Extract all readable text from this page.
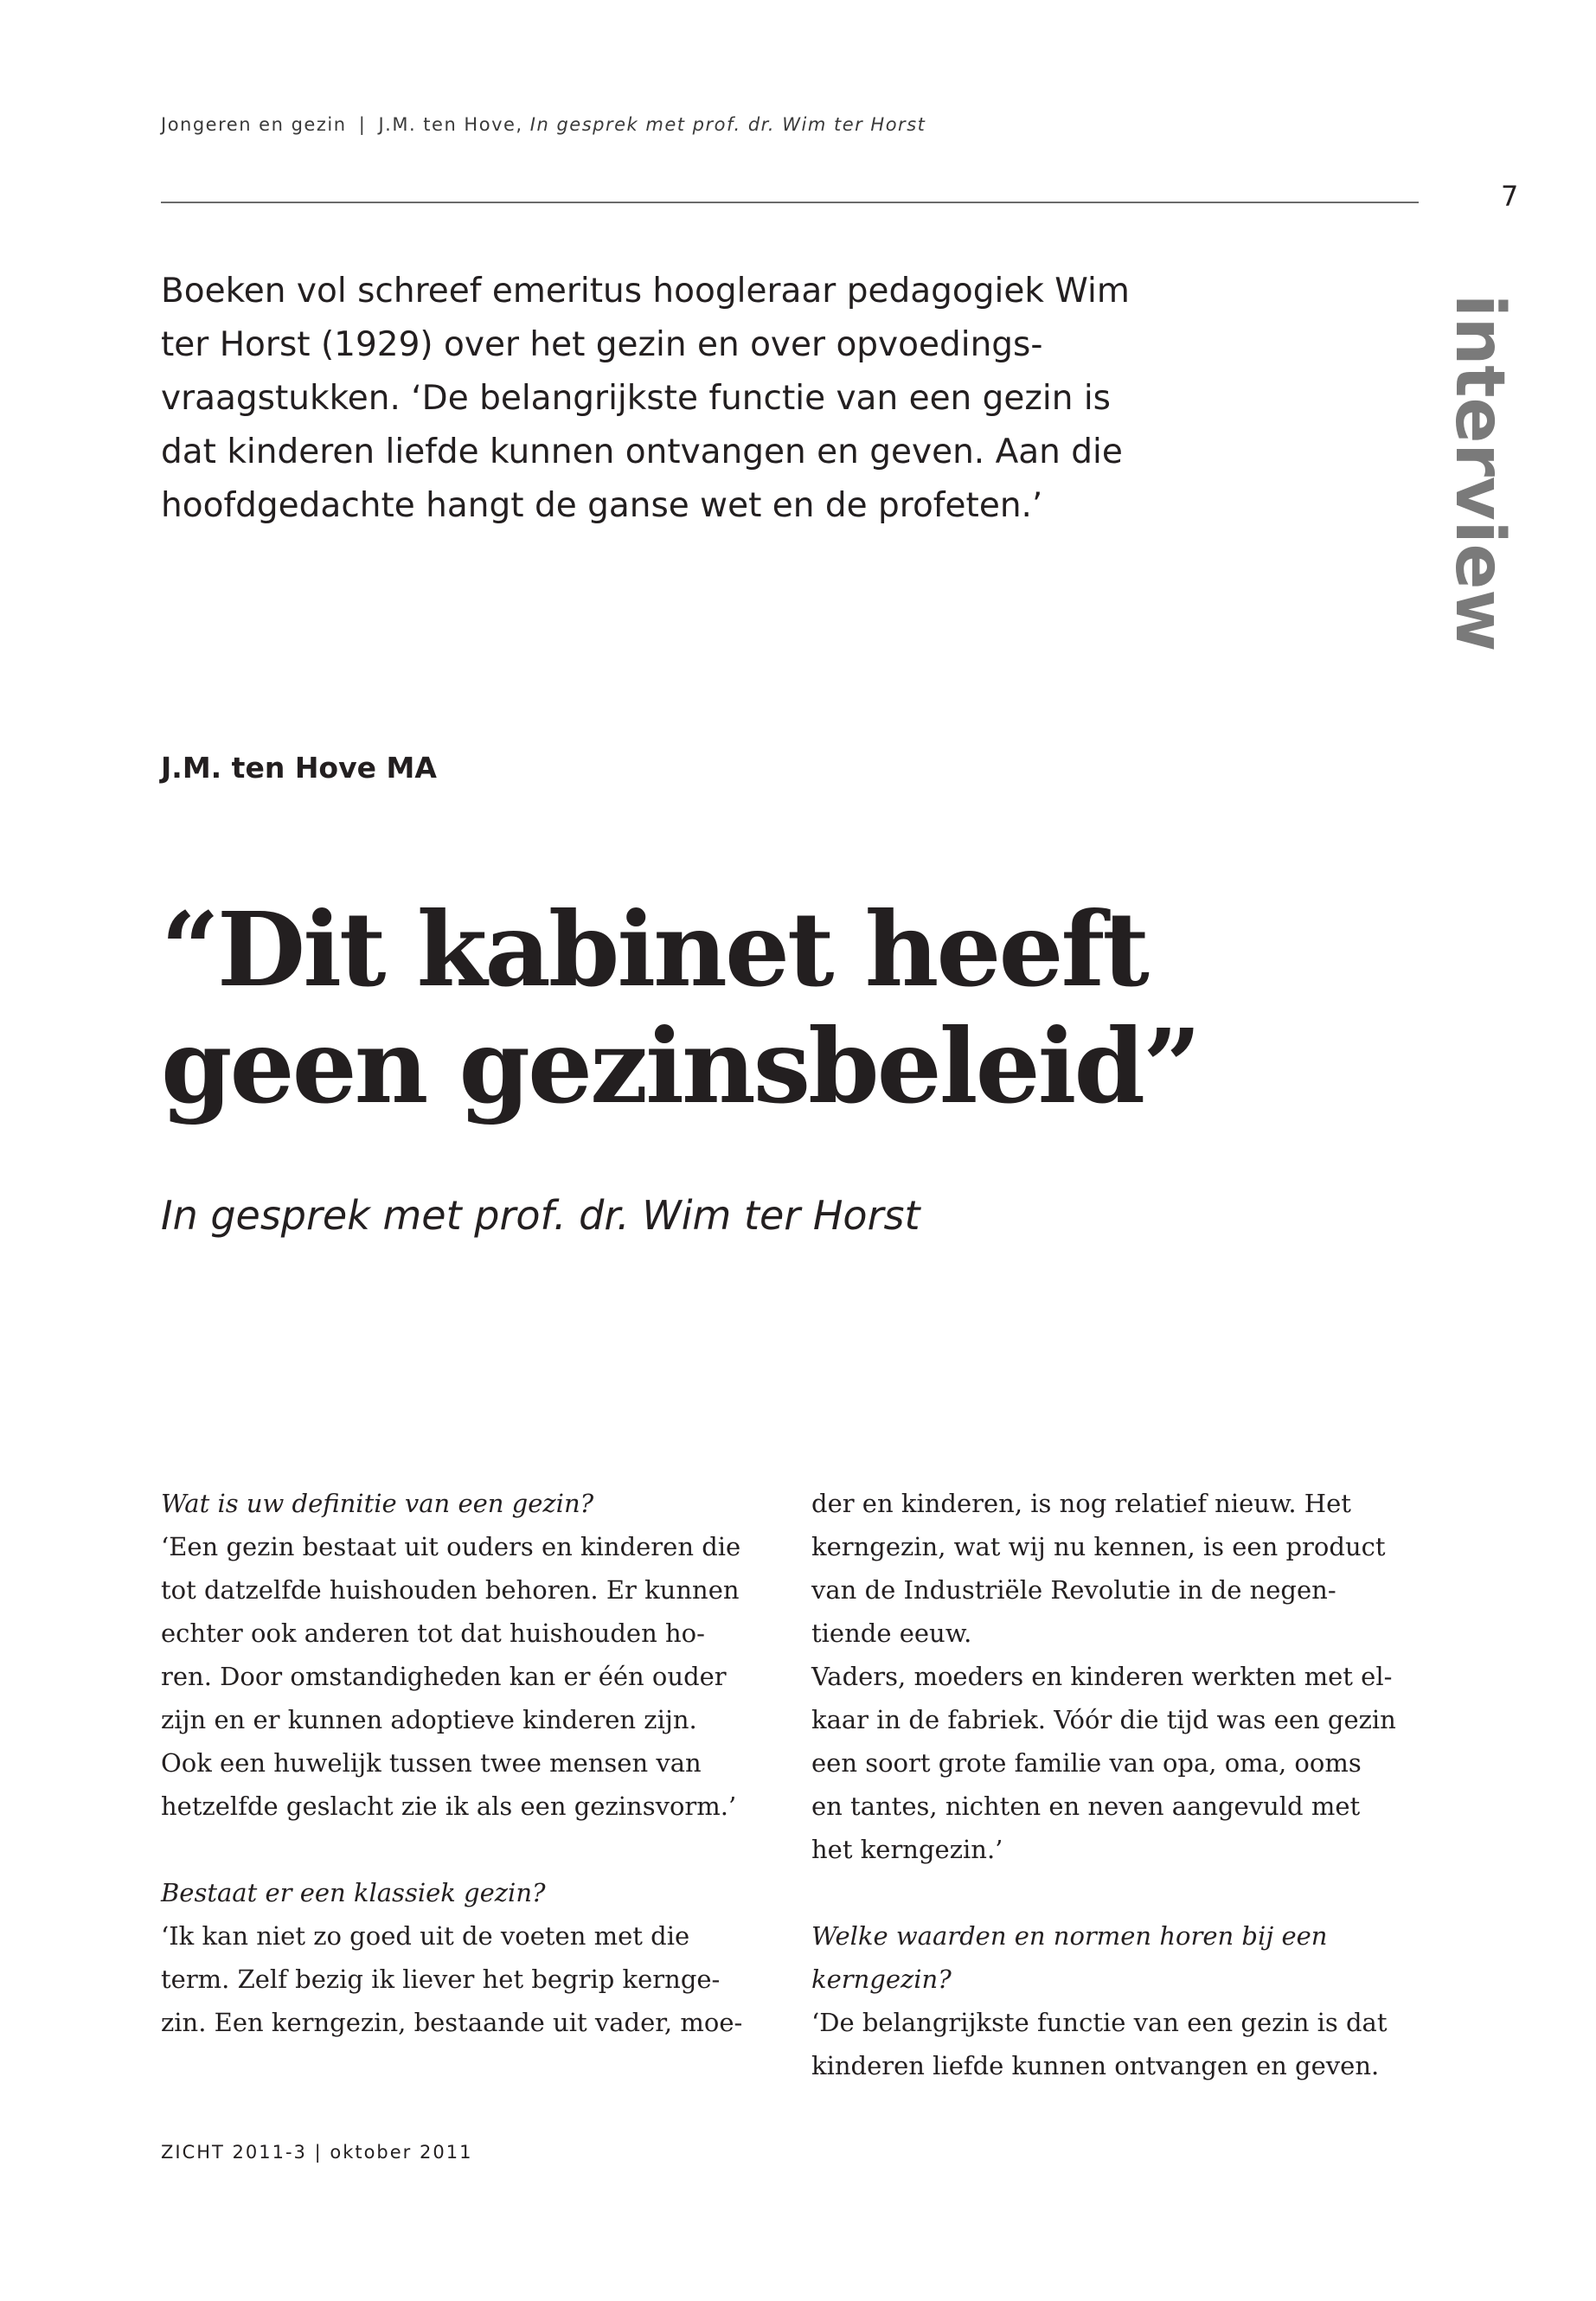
Jongeren en gezin | J.M. ten Hove, In gesprek met prof. dr. Wim ter Horst
7
Boeken vol schreef emeritus hoogleraar pedagogiek Wim
ter Horst (1929) over het gezin en over opvoedings-
vraagstukken. ‘De belangrijkste functie van een gezin is
dat kinderen liefde kunnen ontvangen en geven. Aan die
hoofdgedachte hangt de ganse wet en de profeten.’	interview
J.M. ten Hove MA
“Dit kabinet heeft
geen gezinsbeleid”
In gesprek met prof. dr. Wim ter Horst
Wat is uw definitie van een gezin?
‘Een gezin bestaat uit ouders en kinderen die
tot datzelfde huishouden behoren. Er kunnen
echter ook anderen tot dat huishouden ho-
ren. Door omstandigheden kan er één ouder
zijn en er kunnen adoptieve kinderen zijn.
Ook een huwelijk tussen twee mensen van
hetzelfde geslacht zie ik als een gezinsvorm.’
Bestaat er een klassiek gezin?
‘Ik kan niet zo goed uit de voeten met die
term. Zelf bezig ik liever het begrip kernge-
zin. Een kerngezin, bestaande uit vader, moe-
der en kinderen, is nog relatief nieuw. Het
kerngezin, wat wij nu kennen, is een product
van de Industriële Revolutie in de negen-
tiende eeuw.
Vaders, moeders en kinderen werkten met el-
kaar in de fabriek. Vóór die tijd was een gezin
een soort grote familie van opa, oma, ooms
en tantes, nichten en neven aangevuld met
het kerngezin.’
Welke waarden en normen horen bij een kerngezin?
‘De belangrijkste functie van een gezin is dat
kinderen liefde kunnen ontvangen en geven.
ZICHT 2011-3 | oktober 2011
